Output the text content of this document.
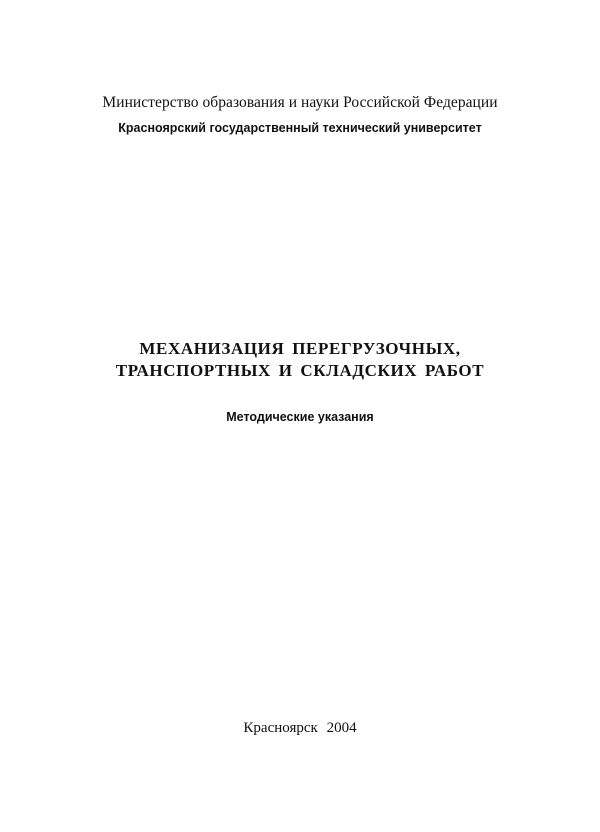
Министерство образования и науки Российской Федерации
Красноярский государственный технический университет
МЕХАНИЗАЦИЯ ПЕРЕГРУЗОЧНЫХ,
ТРАНСПОРТНЫХ И СКЛАДСКИХ РАБОТ
Методические указания
Красноярск 2004
